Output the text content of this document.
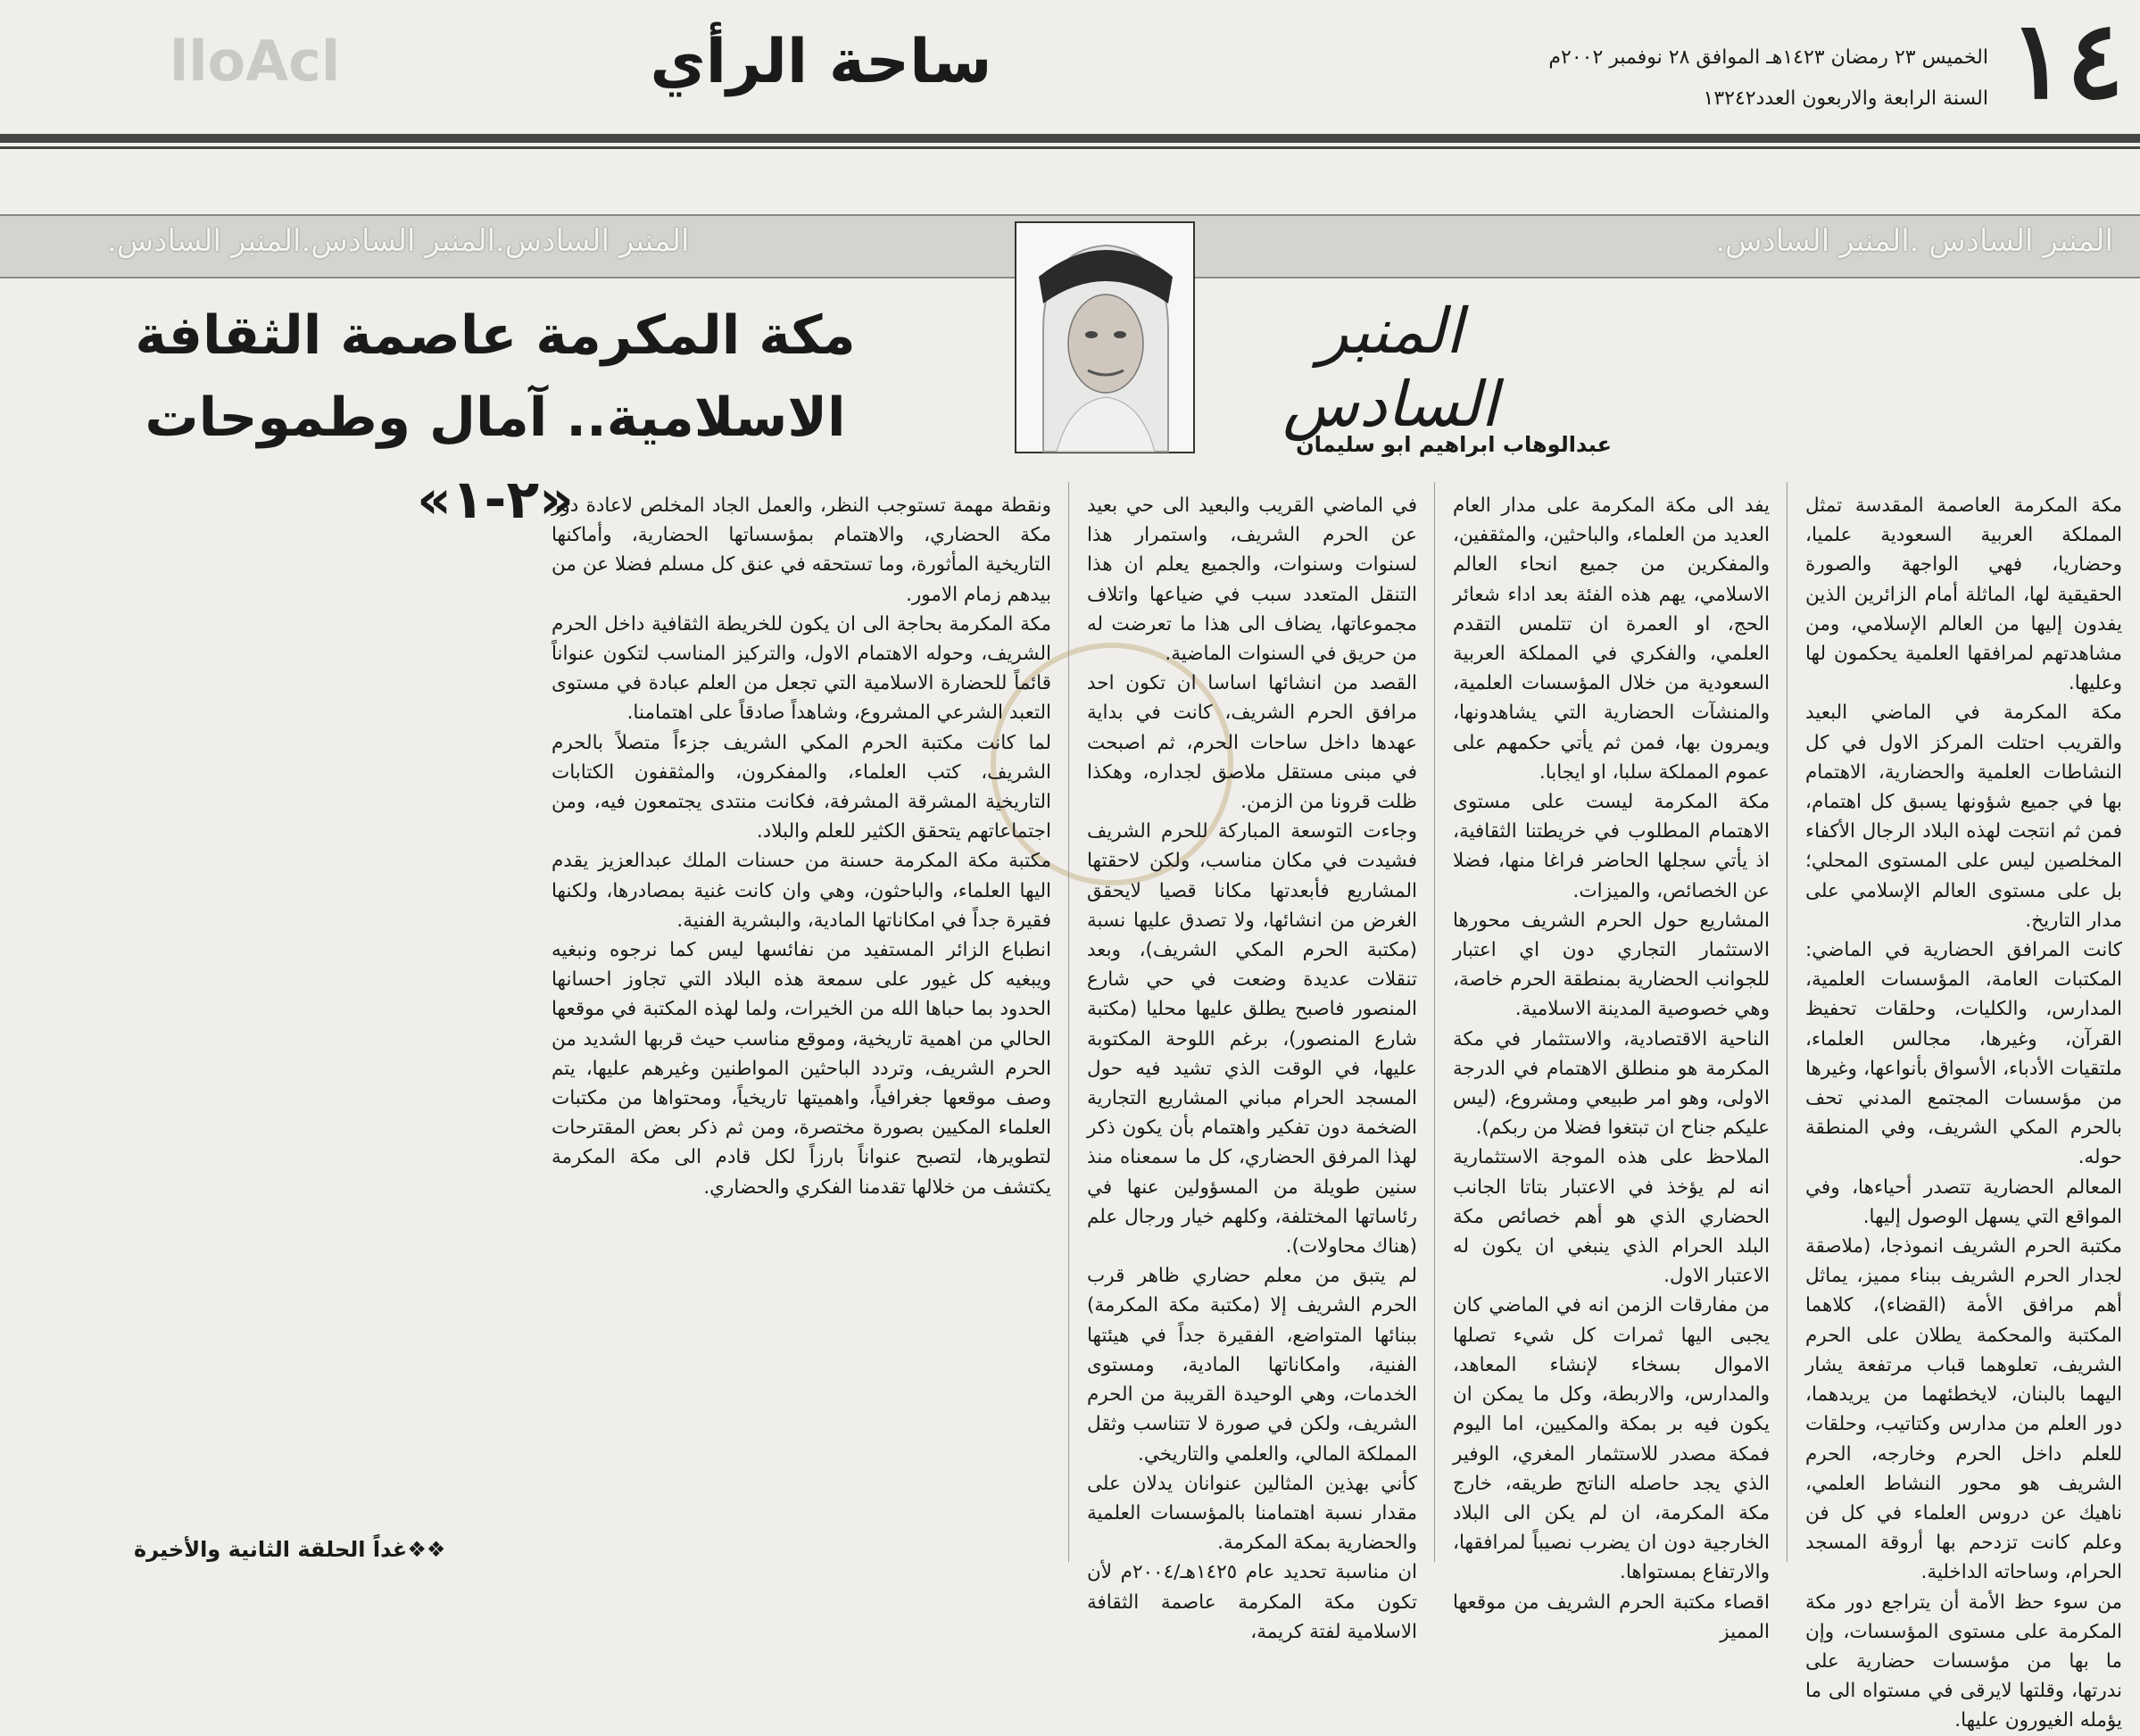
١٤
الخميس ٢٣ رمضان ١٤٢٣هـ الموافق ٢٨ نوفمبر ٢٠٠٢م
السنة الرابعة والاربعون العدد١٣٢٤٢
ساحة الرأي
lloAcl
المنبر السادس .المنبر السادس.
المنبر السادس.المنبر السادس.المنبر السادس.
المنبر السادس
عبدالوهاب ابراهيم ابو سليمان
مكة المكرمة عاصمة الثقافة
الاسلامية.. آمال وطموحات «٢-١»	مكة المكرمة العاصمة المقدسة تمثل المملكة العربية السعودية علميا، وحضاريا، فهي الواجهة والصورة الحقيقية لها، الماثلة أمام الزائرين الذين يفدون إليها من العالم الإسلامي، ومن مشاهدتهم لمرافقها العلمية يحكمون لها وعليها.

مكة المكرمة في الماضي البعيد والقريب احتلت المركز الاول في كل النشاطات العلمية والحضارية، الاهتمام بها في جميع شؤونها يسبق كل اهتمام، فمن ثم انتجت لهذه البلاد الرجال الأكفاء المخلصين ليس على المستوى المحلي؛ بل على مستوى العالم الإسلامي على مدار التاريخ.

كانت المرافق الحضارية في الماضي: المكتبات العامة، المؤسسات العلمية، المدارس، والكليات، وحلقات تحفيظ القرآن، وغيرها، مجالس العلماء، ملتقيات الأدباء، الأسواق بأنواعها، وغيرها من مؤسسات المجتمع المدني تحف بالحرم المكي الشريف، وفي المنطقة حوله.

المعالم الحضارية تتصدر أحياءها، وفي المواقع التي يسهل الوصول إليها.

مكتبة الحرم الشريف انموذجا، (ملاصقة لجدار الحرم الشريف ببناء مميز، يماثل أهم مرافق الأمة (القضاء)، كلاهما المكتبة والمحكمة يطلان على الحرم الشريف، تعلوهما قباب مرتفعة يشار اليهما بالبنان، لايخطئهما من يريدهما، دور العلم من مدارس وكتاتيب، وحلقات للعلم داخل الحرم وخارجه، الحرم الشريف هو محور النشاط العلمي، ناهيك عن دروس العلماء في كل فن وعلم كانت تزدحم بها أروقة المسجد الحرام، وساحاته الداخلية.

من سوء حظ الأمة أن يتراجع دور مكة المكرمة على مستوى المؤسسات، وإن ما بها من مؤسسات حضارية على ندرتها، وقلتها لايرقى في مستواه الى ما يؤمله الغيورون عليها.

يفد الى مكة المكرمة على مدار العام العديد من العلماء، والباحثين، والمثقفين، والمفكرين من جميع انحاء العالم الاسلامي، يهم هذه الفئة بعد اداء شعائر الحج، او العمرة ان تتلمس التقدم العلمي، والفكري في المملكة العربية السعودية من خلال المؤسسات العلمية، والمنشآت الحضارية التي يشاهدونها، ويمرون بها، فمن ثم يأتي حكمهم على عموم المملكة سلبا، او ايجابا.

مكة المكرمة ليست على مستوى الاهتمام المطلوب في خريطتنا الثقافية، اذ يأتي سجلها الحاضر فراغا منها، فضلا عن الخصائص، والميزات.

المشاريع حول الحرم الشريف محورها الاستثمار التجاري دون اي اعتبار للجوانب الحضارية بمنطقة الحرم خاصة، وهي خصوصية المدينة الاسلامية.

الناحية الاقتصادية، والاستثمار في مكة المكرمة هو منطلق الاهتمام في الدرجة الاولى، وهو امر طبيعي ومشروع، (ليس عليكم جناح ان تبتغوا فضلا من ربكم).

الملاحظ على هذه الموجة الاستثمارية انه لم يؤخذ في الاعتبار بتاتا الجانب الحضاري الذي هو أهم خصائص مكة البلد الحرام الذي ينبغي ان يكون له الاعتبار الاول.

من مفارقات الزمن انه في الماضي كان يجبى اليها ثمرات كل شيء تصلها الاموال بسخاء لإنشاء المعاهد، والمدارس، والاربطة، وكل ما يمكن ان يكون فيه بر بمكة والمكيين، اما اليوم فمكة مصدر للاستثمار المغري، الوفير الذي يجد حاصله الناتج طريقه، خارج مكة المكرمة، ان لم يكن الى البلاد الخارجية دون ان يضرب نصيباً لمرافقها، والارتفاع بمستواها.

اقصاء مكتبة الحرم الشريف من موقعها المميز

في الماضي القريب والبعيد الى حي بعيد عن الحرم الشريف، واستمرار هذا لسنوات وسنوات، والجميع يعلم ان هذا التنقل المتعدد سبب في ضياعها واتلاف مجموعاتها، يضاف الى هذا ما تعرضت له من حريق في السنوات الماضية.

القصد من انشائها اساسا ان تكون احد مرافق الحرم الشريف، كانت في بداية عهدها داخل ساحات الحرم، ثم اصبحت في مبنى مستقل ملاصق لجداره، وهكذا ظلت قرونا من الزمن.

وجاءت التوسعة المباركة للحرم الشريف فشيدت في مكان مناسب، ولكن لاحقتها المشاريع فأبعدتها مكانا قصيا لايحقق الغرض من انشائها، ولا تصدق عليها نسبة (مكتبة الحرم المكي الشريف)، وبعد تنقلات عديدة وضعت في حي شارع المنصور فاصبح يطلق عليها محليا (مكتبة شارع المنصور)، برغم اللوحة المكتوبة عليها، في الوقت الذي تشيد فيه حول المسجد الحرام مباني المشاريع التجارية الضخمة دون تفكير واهتمام بأن يكون ذكر لهذا المرفق الحضاري، كل ما سمعناه منذ سنين طويلة من المسؤولين عنها في رئاساتها المختلفة، وكلهم خيار ورجال علم (هناك محاولات).

لم يتبق من معلم حضاري ظاهر قرب الحرم الشريف إلا (مكتبة مكة المكرمة) ببنائها المتواضع، الفقيرة جداً في هيئتها الفنية، وامكاناتها المادية، ومستوى الخدمات، وهي الوحيدة القريبة من الحرم الشريف، ولكن في صورة لا تتناسب وثقل المملكة المالي، والعلمي والتاريخي.

كأني بهذين المثالين عنوانان يدلان على مقدار نسبة اهتمامنا بالمؤسسات العلمية والحضارية بمكة المكرمة.

ان مناسبة تحديد عام ١٤٢٥هـ/٢٠٠٤م لأن تكون مكة المكرمة عاصمة الثقافة الاسلامية لفتة كريمة،

ونقطة مهمة تستوجب النظر، والعمل الجاد المخلص لاعادة دور مكة الحضاري، والاهتمام بمؤسساتها الحضارية، وأماكنها التاريخية المأثورة، وما تستحقه في عنق كل مسلم فضلا عن من بيدهم زمام الامور.

مكة المكرمة بحاجة الى ان يكون للخريطة الثقافية داخل الحرم الشريف، وحوله الاهتمام الاول، والتركيز المناسب لتكون عنواناً قائماً للحضارة الاسلامية التي تجعل من العلم عبادة في مستوى التعبد الشرعي المشروع، وشاهداً صادقاً على اهتمامنا.

لما كانت مكتبة الحرم المكي الشريف جزءاً متصلاً بالحرم الشريف، كتب العلماء، والمفكرون، والمثقفون الكتابات التاريخية المشرقة المشرفة، فكانت منتدى يجتمعون فيه، ومن اجتماعاتهم يتحقق الكثير للعلم والبلاد.

مكتبة مكة المكرمة حسنة من حسنات الملك عبدالعزيز يقدم اليها العلماء، والباحثون، وهي وان كانت غنية بمصادرها، ولكنها فقيرة جداً في امكاناتها المادية، والبشرية الفنية.

انطباع الزائر المستفيد من نفائسها ليس كما نرجوه ونبغيه ويبغيه كل غيور على سمعة هذه البلاد التي تجاوز احسانها الحدود بما حباها الله من الخيرات، ولما لهذه المكتبة في موقعها الحالي من اهمية تاريخية، وموقع مناسب حيث قربها الشديد من الحرم الشريف، وتردد الباحثين المواطنين وغيرهم عليها، يتم وصف موقعها جغرافياً، واهميتها تاريخياً، ومحتواها من مكتبات العلماء المكيين بصورة مختصرة، ومن ثم ذكر بعض المقترحات لتطويرها، لتصبح عنواناً بارزاً لكل قادم الى مكة المكرمة يكتشف من خلالها تقدمنا الفكري والحضاري.

❖❖غداً الحلقة الثانية والأخيرة
